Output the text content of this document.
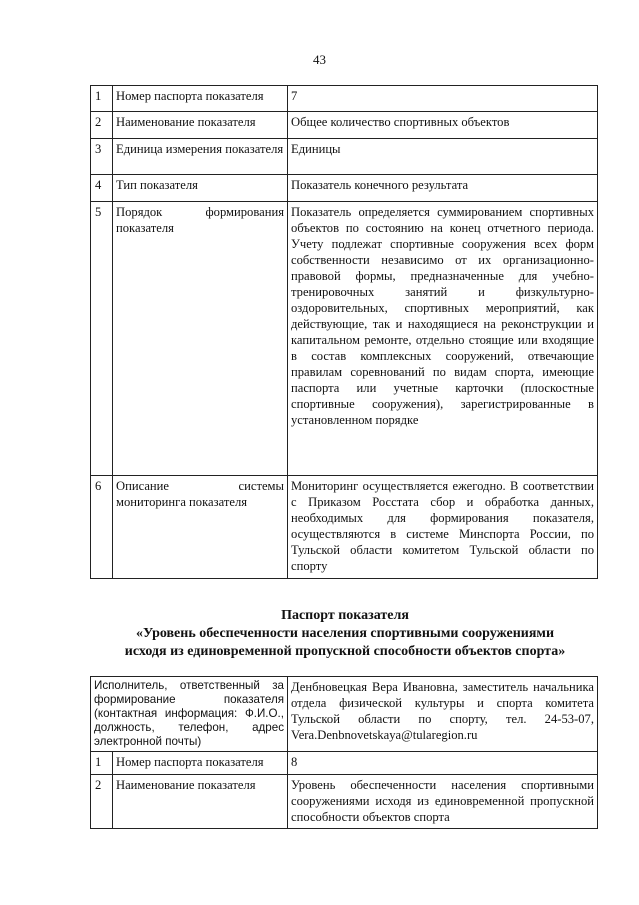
43
1	Номер паспорта показателя	7
2	Наименование показателя	Общее количество спортивных объектов
3	Единица измерения показателя	Единицы
4	Тип показателя	Показатель конечного результата
5	Порядок формирования показателя	Показатель определяется суммированием спортивных объектов по состоянию на конец отчетного периода. Учету подлежат спортивные сооружения всех форм собственности независимо от их организационно-правовой формы, предназначенные для учебно-тренировочных занятий и физкультурно-оздоровительных, спортивных мероприятий, как действующие, так и находящиеся на реконструкции и капитальном ремонте, отдельно стоящие или входящие в состав комплексных сооружений, отвечающие правилам соревнований по видам спорта, имеющие паспорта или учетные карточки (плоскостные спортивные сооружения), зарегистрированные в установленном порядке
6	Описание системы мониторинга показателя	Мониторинг осуществляется ежегодно. В соответствии с Приказом Росстата сбор и обработка данных, необходимых для формирования показателя, осуществляются в системе Минспорта России, по Тульской области комитетом Тульской области по спорту
Паспорт показателя
«Уровень обеспеченности населения спортивными сооружениями
исходя из единовременной пропускной способности объектов спорта»
Исполнитель, ответственный за формирование показателя (контактная информация: Ф.И.О., должность, телефон, адрес электронной почты)		Денбновецкая Вера Ивановна, заместитель начальника отдела физической культуры и спорта комитета Тульской области по спорту, тел. 24-53-07, Vera.Denbnovetskaya@tularegion.ru
1	Номер паспорта показателя	8
2	Наименование показателя	Уровень обеспеченности населения спортивными сооружениями исходя из единовременной пропускной способности объектов спорта
